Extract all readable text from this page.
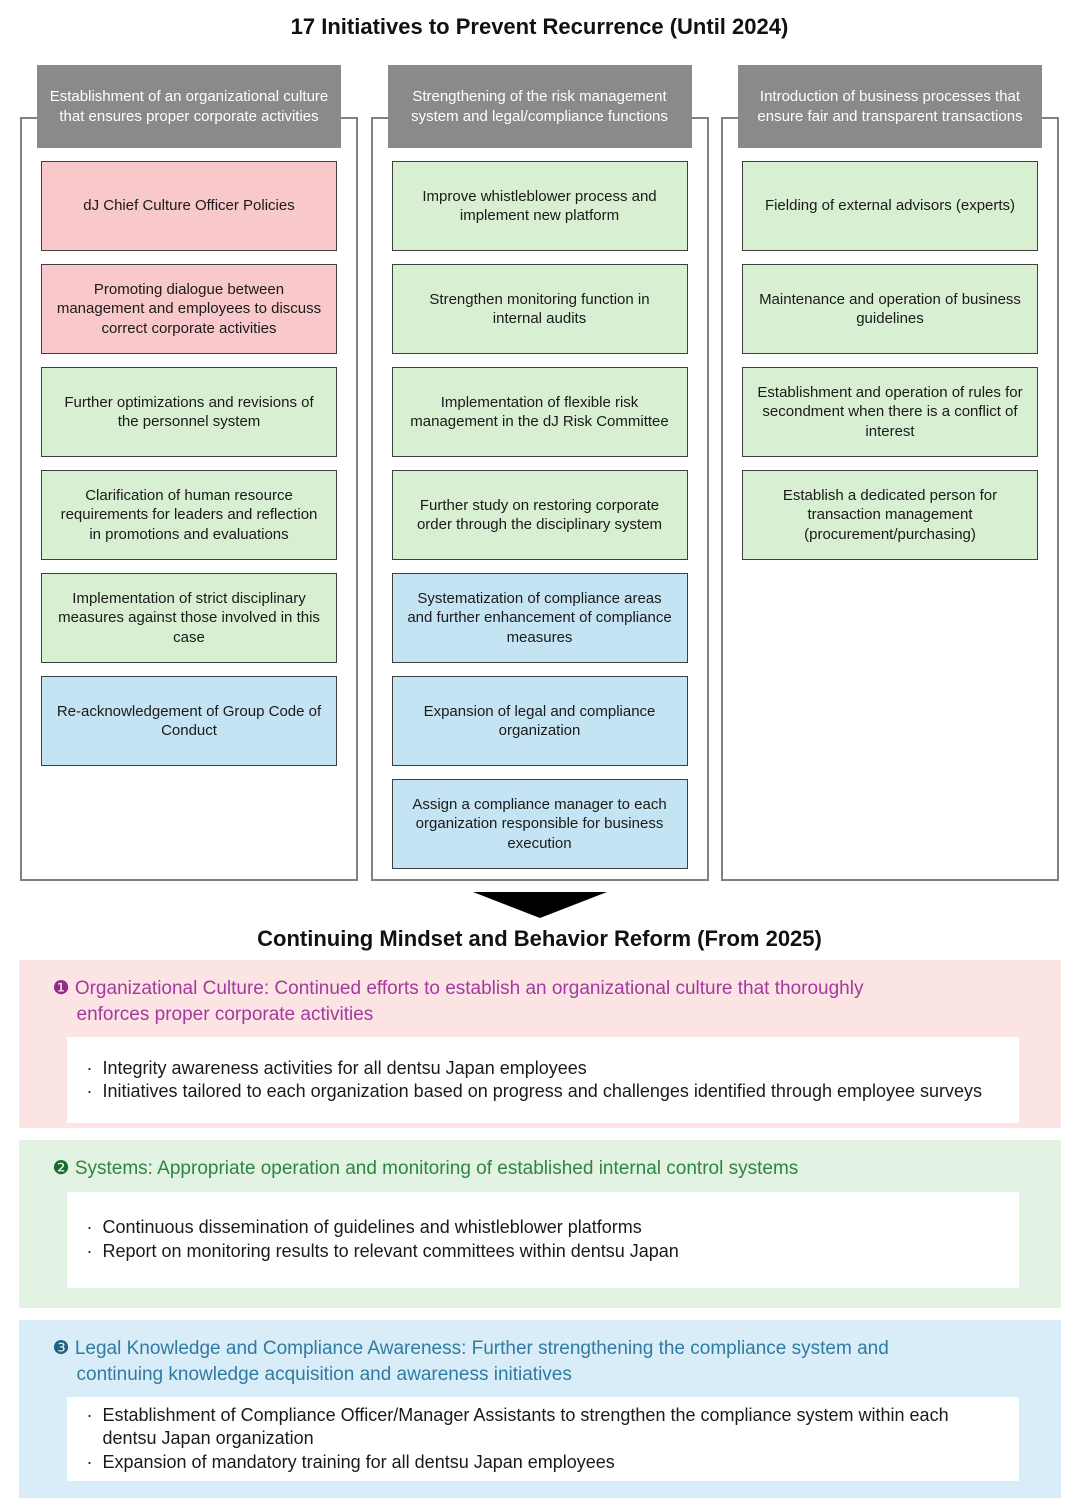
17 Initiatives to Prevent Recurrence (Until 2024)
Establishment of an organizational culture that ensures proper corporate activities
dJ Chief Culture Officer Policies
Promoting dialogue between management and employees to discuss correct corporate activities
Further optimizations and revisions of the personnel system
Clarification of human resource requirements for leaders and reflection in promotions and evaluations
Implementation of strict disciplinary measures against those involved in this case
Re-acknowledgement of Group Code of Conduct
Strengthening of the risk management system and legal/compliance functions
Improve whistleblower process and implement new platform
Strengthen monitoring function in internal audits
Implementation of flexible risk management in the dJ Risk Committee
Further study on restoring corporate order through the disciplinary system
Systematization of compliance areas and further enhancement of compliance measures
Expansion of legal and compliance organization
Assign a compliance manager to each organization responsible for business execution
Introduction of business processes that ensure fair and transparent transactions
Fielding of external advisors (experts)
Maintenance and operation of business guidelines
Establishment and operation of rules for secondment when there is a conflict of interest
Establish a dedicated person for transaction management (procurement/purchasing)
Continuing Mindset and Behavior Reform (From 2025)
❶ Organizational Culture: Continued efforts to establish an organizational culture that thoroughly
enforces proper corporate activities
· Integrity awareness activities for all dentsu Japan employees
· Initiatives tailored to each organization based on progress and challenges identified through employee surveys
❷ Systems: Appropriate operation and monitoring of established internal control systems
· Continuous dissemination of guidelines and whistleblower platforms
· Report on monitoring results to relevant committees within dentsu Japan
❸ Legal Knowledge and Compliance Awareness: Further strengthening the compliance system and
continuing knowledge acquisition and awareness initiatives
· Establishment of Compliance Officer/Manager Assistants to strengthen the compliance system within each dentsu Japan organization
· Expansion of mandatory training for all dentsu Japan employees
